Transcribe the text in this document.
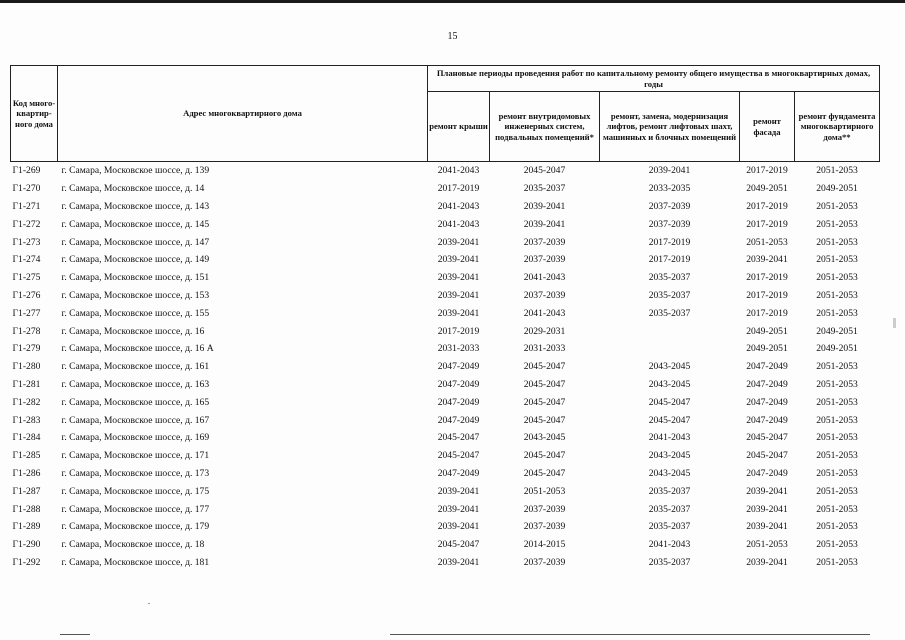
15
Код много-квартир-ного дома	Адрес многоквартирного дома	Плановые периоды проведения работ по капитальному ремонту общего имущества в многоквартирных домах, годы				
		ремонт крыши	ремонт внутридомовых инженерных систем, подвальных помещений*	ремонт, замена, модернизация лифтов, ремонт лифтовых шахт, машинных и блочных помещений	ремонт фасада	ремонт фундамента многоквартирного дома**
Г1-269	г. Самара, Московское шоссе, д. 139	2041-2043	2045-2047	2039-2041	2017-2019	2051-2053
Г1-270	г. Самара, Московское шоссе, д. 14	2017-2019	2035-2037	2033-2035	2049-2051	2049-2051
Г1-271	г. Самара, Московское шоссе, д. 143	2041-2043	2039-2041	2037-2039	2017-2019	2051-2053
Г1-272	г. Самара, Московское шоссе, д. 145	2041-2043	2039-2041	2037-2039	2017-2019	2051-2053
Г1-273	г. Самара, Московское шоссе, д. 147	2039-2041	2037-2039	2017-2019	2051-2053	2051-2053
Г1-274	г. Самара, Московское шоссе, д. 149	2039-2041	2037-2039	2017-2019	2039-2041	2051-2053
Г1-275	г. Самара, Московское шоссе, д. 151	2039-2041	2041-2043	2035-2037	2017-2019	2051-2053
Г1-276	г. Самара, Московское шоссе, д. 153	2039-2041	2037-2039	2035-2037	2017-2019	2051-2053
Г1-277	г. Самара, Московское шоссе, д. 155	2039-2041	2041-2043	2035-2037	2017-2019	2051-2053
Г1-278	г. Самара, Московское шоссе, д. 16	2017-2019	2029-2031		2049-2051	2049-2051
Г1-279	г. Самара, Московское шоссе, д. 16 А	2031-2033	2031-2033		2049-2051	2049-2051
Г1-280	г. Самара, Московское шоссе, д. 161	2047-2049	2045-2047	2043-2045	2047-2049	2051-2053
Г1-281	г. Самара, Московское шоссе, д. 163	2047-2049	2045-2047	2043-2045	2047-2049	2051-2053
Г1-282	г. Самара, Московское шоссе, д. 165	2047-2049	2045-2047	2045-2047	2047-2049	2051-2053
Г1-283	г. Самара, Московское шоссе, д. 167	2047-2049	2045-2047	2045-2047	2047-2049	2051-2053
Г1-284	г. Самара, Московское шоссе, д. 169	2045-2047	2043-2045	2041-2043	2045-2047	2051-2053
Г1-285	г. Самара, Московское шоссе, д. 171	2045-2047	2045-2047	2043-2045	2045-2047	2051-2053
Г1-286	г. Самара, Московское шоссе, д. 173	2047-2049	2045-2047	2043-2045	2047-2049	2051-2053
Г1-287	г. Самара, Московское шоссе, д. 175	2039-2041	2051-2053	2035-2037	2039-2041	2051-2053
Г1-288	г. Самара, Московское шоссе, д. 177	2039-2041	2037-2039	2035-2037	2039-2041	2051-2053
Г1-289	г. Самара, Московское шоссе, д. 179	2039-2041	2037-2039	2035-2037	2039-2041	2051-2053
Г1-290	г. Самара, Московское шоссе, д. 18	2045-2047	2014-2015	2041-2043	2051-2053	2051-2053
Г1-292	г. Самара, Московское шоссе, д. 181	2039-2041	2037-2039	2035-2037	2039-2041	2051-2053
